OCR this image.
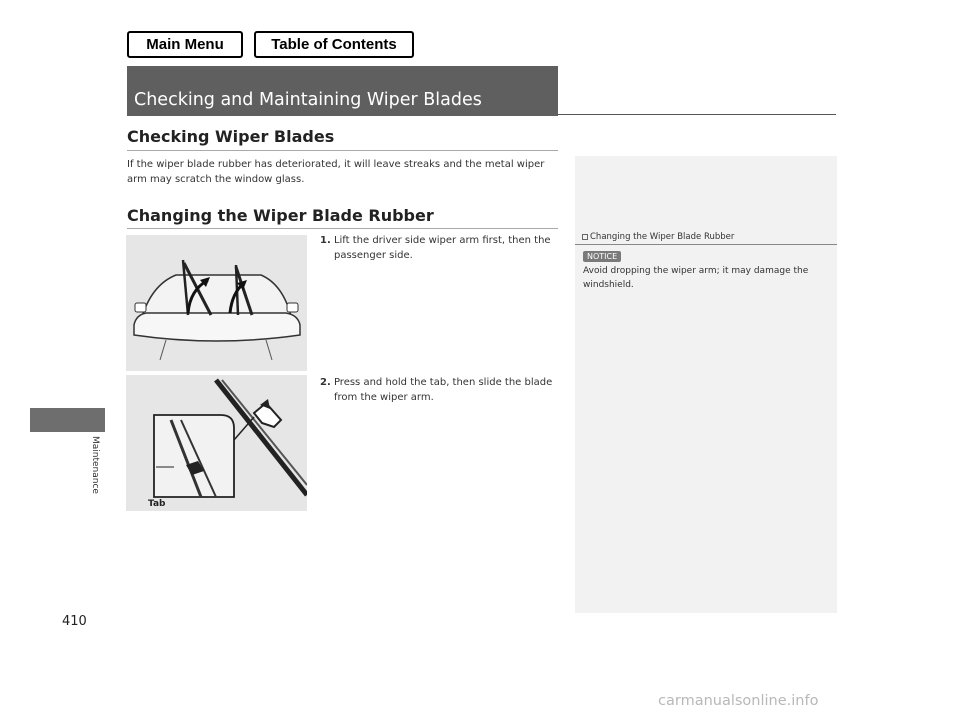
Main Menu	Table of Contents
Checking and Maintaining Wiper Blades
Maintenance
Checking Wiper Blades
If the wiper blade rubber has deteriorated, it will leave streaks and the metal wiper arm may scratch the window glass.
Changing the Wiper Blade Rubber
1. Lift the driver side wiper arm first, then the passenger side.
Tab
2. Press and hold the tab, then slide the blade from the wiper arm.
Changing the Wiper Blade Rubber
NOTICE
Avoid dropping the wiper arm; it may damage the windshield.
410
carmanualsonline.info
